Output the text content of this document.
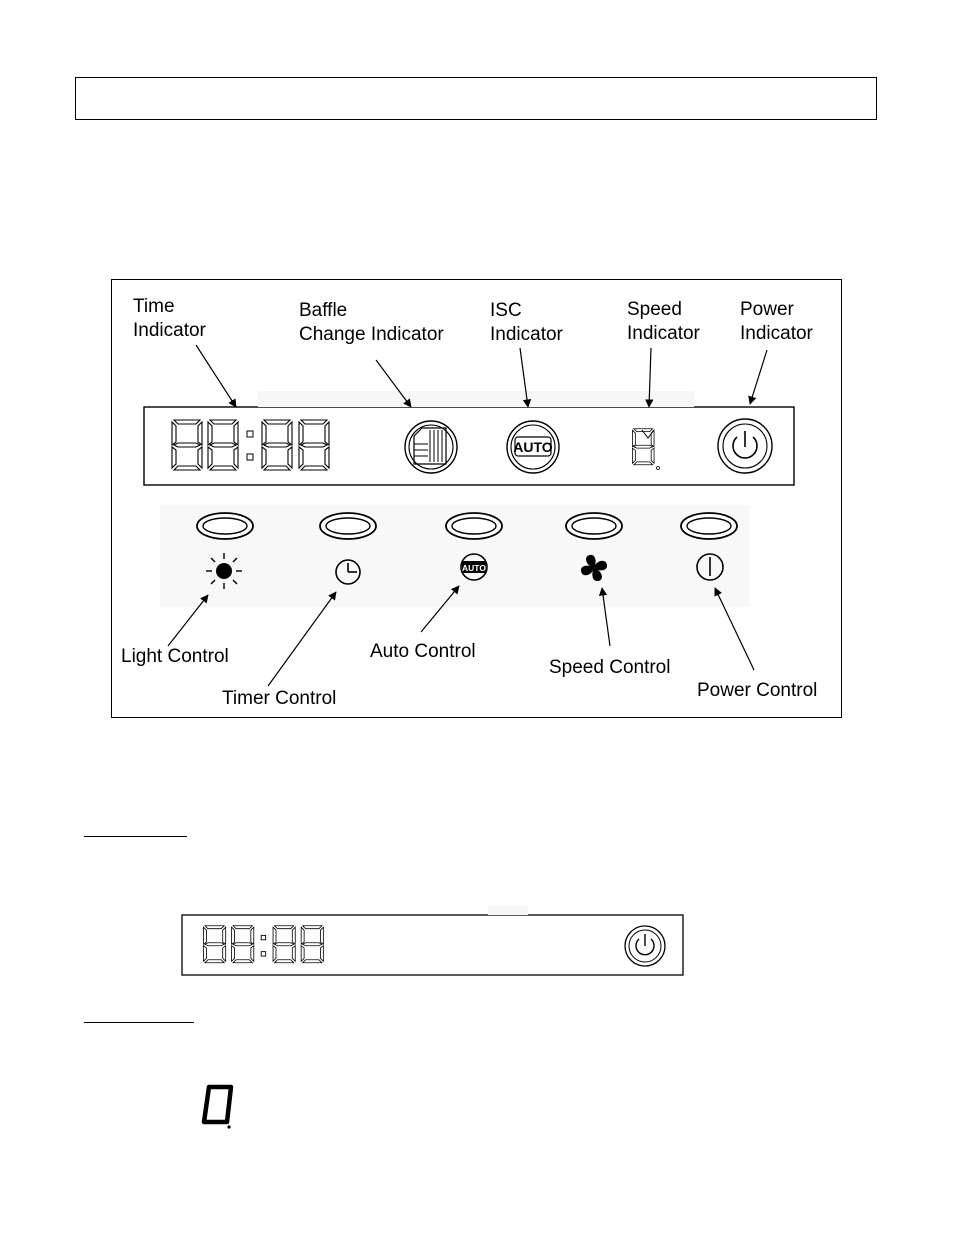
Time
Indicator
Baffle
Change Indicator
ISC
Indicator
Speed
Indicator
Power
Indicator
Light Control
Timer Control
Auto Control
Speed Control
Power Control
AUTO
AUTO
